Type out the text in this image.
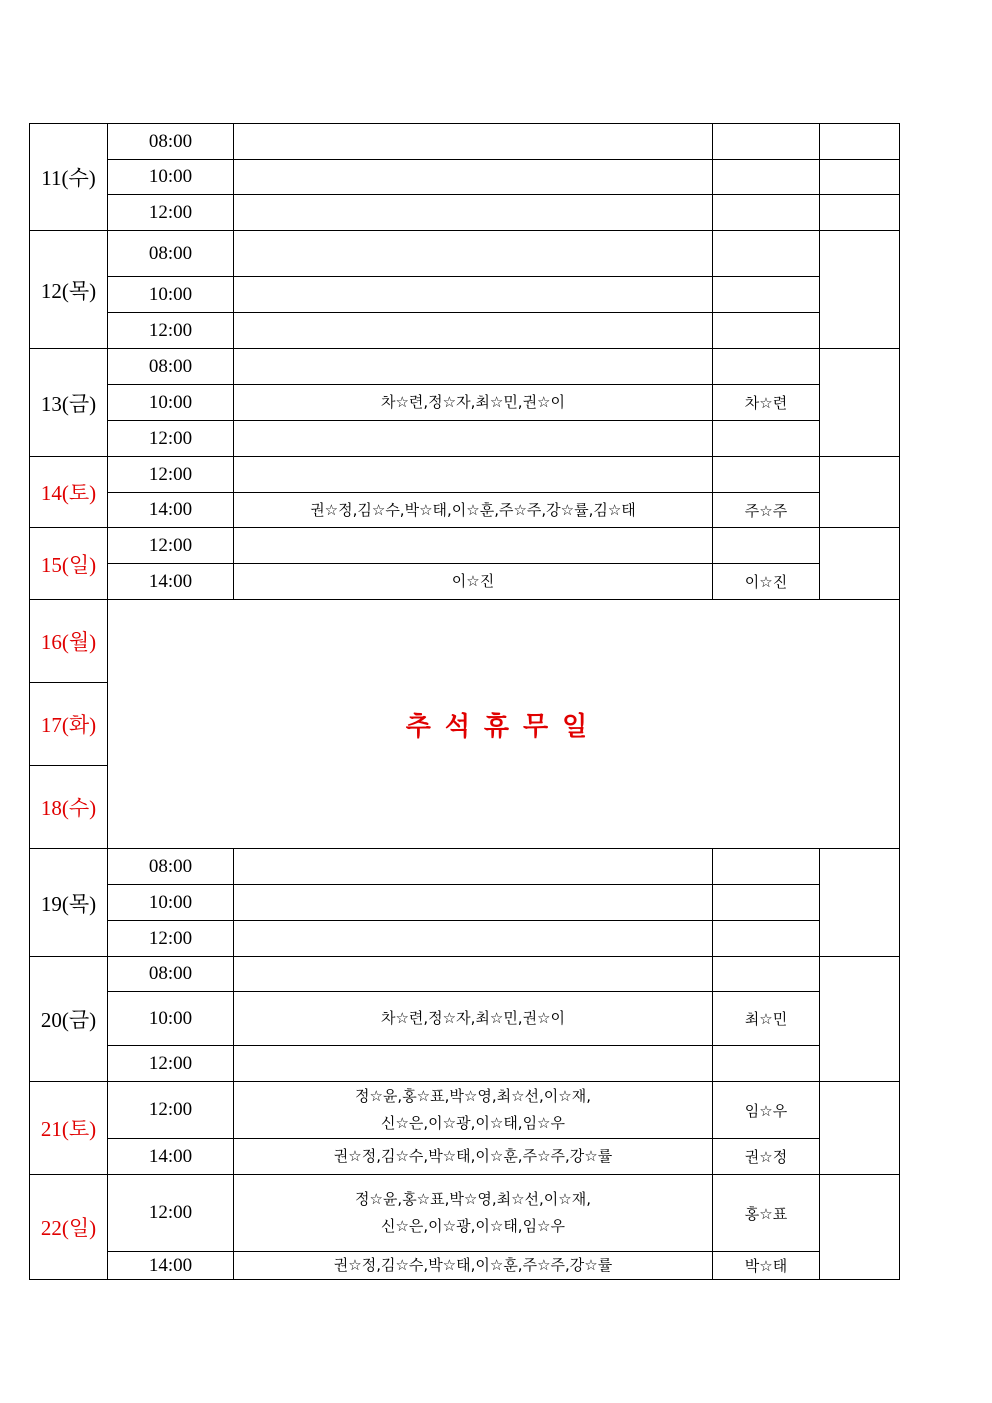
11(수)	08:00			
	10:00			
	12:00			
12(목)	08:00			
	10:00			
	12:00			
13(금)	08:00			
	10:00	차☆련,정☆자,최☆민,권☆이	차☆련	
	12:00			
14(토)	12:00			
	14:00	권☆정,김☆수,박☆태,이☆훈,주☆주,강☆률,김☆태	주☆주	
15(일)	12:00			
	14:00	이☆진	이☆진	
16(월)	추석휴무일			
17(화)				
18(수)				
19(목)	08:00			
	10:00			
	12:00			
20(금)	08:00			
	10:00	차☆련,정☆자,최☆민,권☆이	최☆민	
	12:00			
21(토)	12:00	정☆윤,홍☆표,박☆영,최☆선,이☆재,
신☆은,이☆광,이☆태,임☆우	임☆우	
	14:00	권☆정,김☆수,박☆태,이☆훈,주☆주,강☆률	권☆정	
22(일)	12:00	정☆윤,홍☆표,박☆영,최☆선,이☆재,
신☆은,이☆광,이☆태,임☆우	홍☆표	
	14:00	권☆정,김☆수,박☆태,이☆훈,주☆주,강☆률	박☆태	
